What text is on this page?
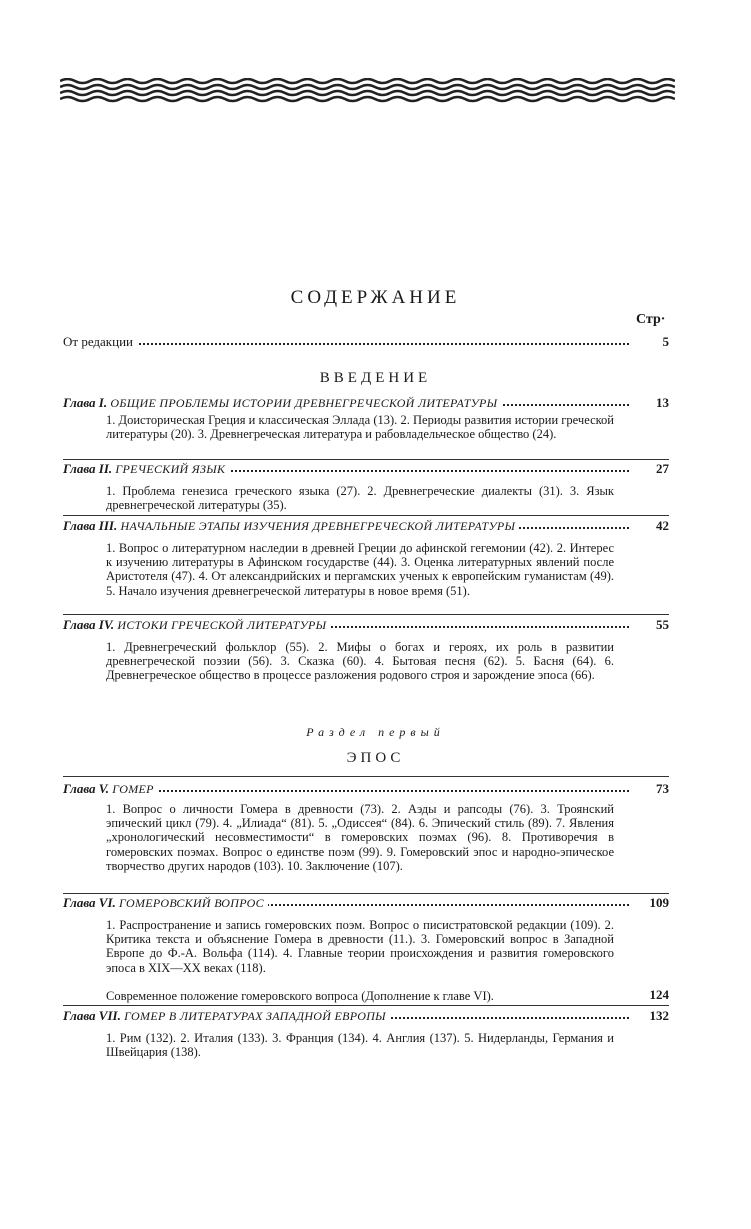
СОДЕРЖАНИЕ
Стр·
От редакции	5
ВВЕДЕНИЕ
Глава I. ОБЩИЕ ПРОБЛЕМЫ ИСТОРИИ ДРЕВНЕГРЕЧЕСКОЙ ЛИТЕРАТУРЫ	13
1. Доисторическая Греция и классическая Эллада (13). 2. Периоды развития истории греческой литературы (20). 3. Древнегреческая литература и рабовладельческое общество (24).
Глава II. ГРЕЧЕСКИЙ ЯЗЫК	27
1. Проблема генезиса греческого языка (27). 2. Древнегреческие диалекты (31). 3. Язык древнегреческой литературы (35).
Глава III. НАЧАЛЬНЫЕ ЭТАПЫ ИЗУЧЕНИЯ ДРЕВНЕГРЕЧЕСКОЙ ЛИТЕРАТУРЫ	42
1. Вопрос о литературном наследии в древней Греции до афинской гегемонии (42). 2. Интерес к изучению литературы в Афинском государстве (44). 3. Оценка литературных явлений после Аристотеля (47). 4. От александрийских и пергамских ученых к европейским гуманистам (49). 5. Начало изучения древнегреческой литературы в новое время (51).
Глава IV. ИСТОКИ ГРЕЧЕСКОЙ ЛИТЕРАТУРЫ	55
1. Древнегреческий фольклор (55). 2. Мифы о богах и героях, их роль в развитии древнегреческой поэзии (56). 3. Сказка (60). 4. Бытовая песня (62). 5. Басня (64). 6. Древнегреческое общество в процессе разложения родового строя и зарождение эпоса (66).
Раздел первый
ЭПОС
Глава V. ГОМЕР	73
1. Вопрос о личности Гомера в древности (73). 2. Аэды и рапсоды (76). 3. Троянский эпический цикл (79). 4. „Илиада“ (81). 5. „Одиссея“ (84). 6. Эпический стиль (89). 7. Явления „хронологический несовместимости“ в гомеровских поэмах (96). 8. Противоречия в гомеровских поэмах. Вопрос о единстве поэм (99). 9. Гомеровский эпос и народно-эпическое творчество других народов (103). 10. Заключение (107).
Глава VI. ГОМЕРОВСКИЙ ВОПРОС	109
1. Распространение и запись гомеровских поэм. Вопрос о писистратовской редакции (109). 2. Критика текста и объяснение Гомера в древности (11.). 3. Гомеровский вопрос в Западной Европе до Ф.-А. Вольфа (114). 4. Главные теории происхождения и развития гомеровского эпоса в XIX—XX веках (118).
Современное положение гомеровского вопроса (Дополнение к главе VI).	124
Глава VII. ГОМЕР В ЛИТЕРАТУРАХ ЗАПАДНОЙ ЕВРОПЫ	132
1. Рим (132). 2. Италия (133). 3. Франция (134). 4. Англия (137). 5. Нидерланды, Германия и Швейцария (138).
